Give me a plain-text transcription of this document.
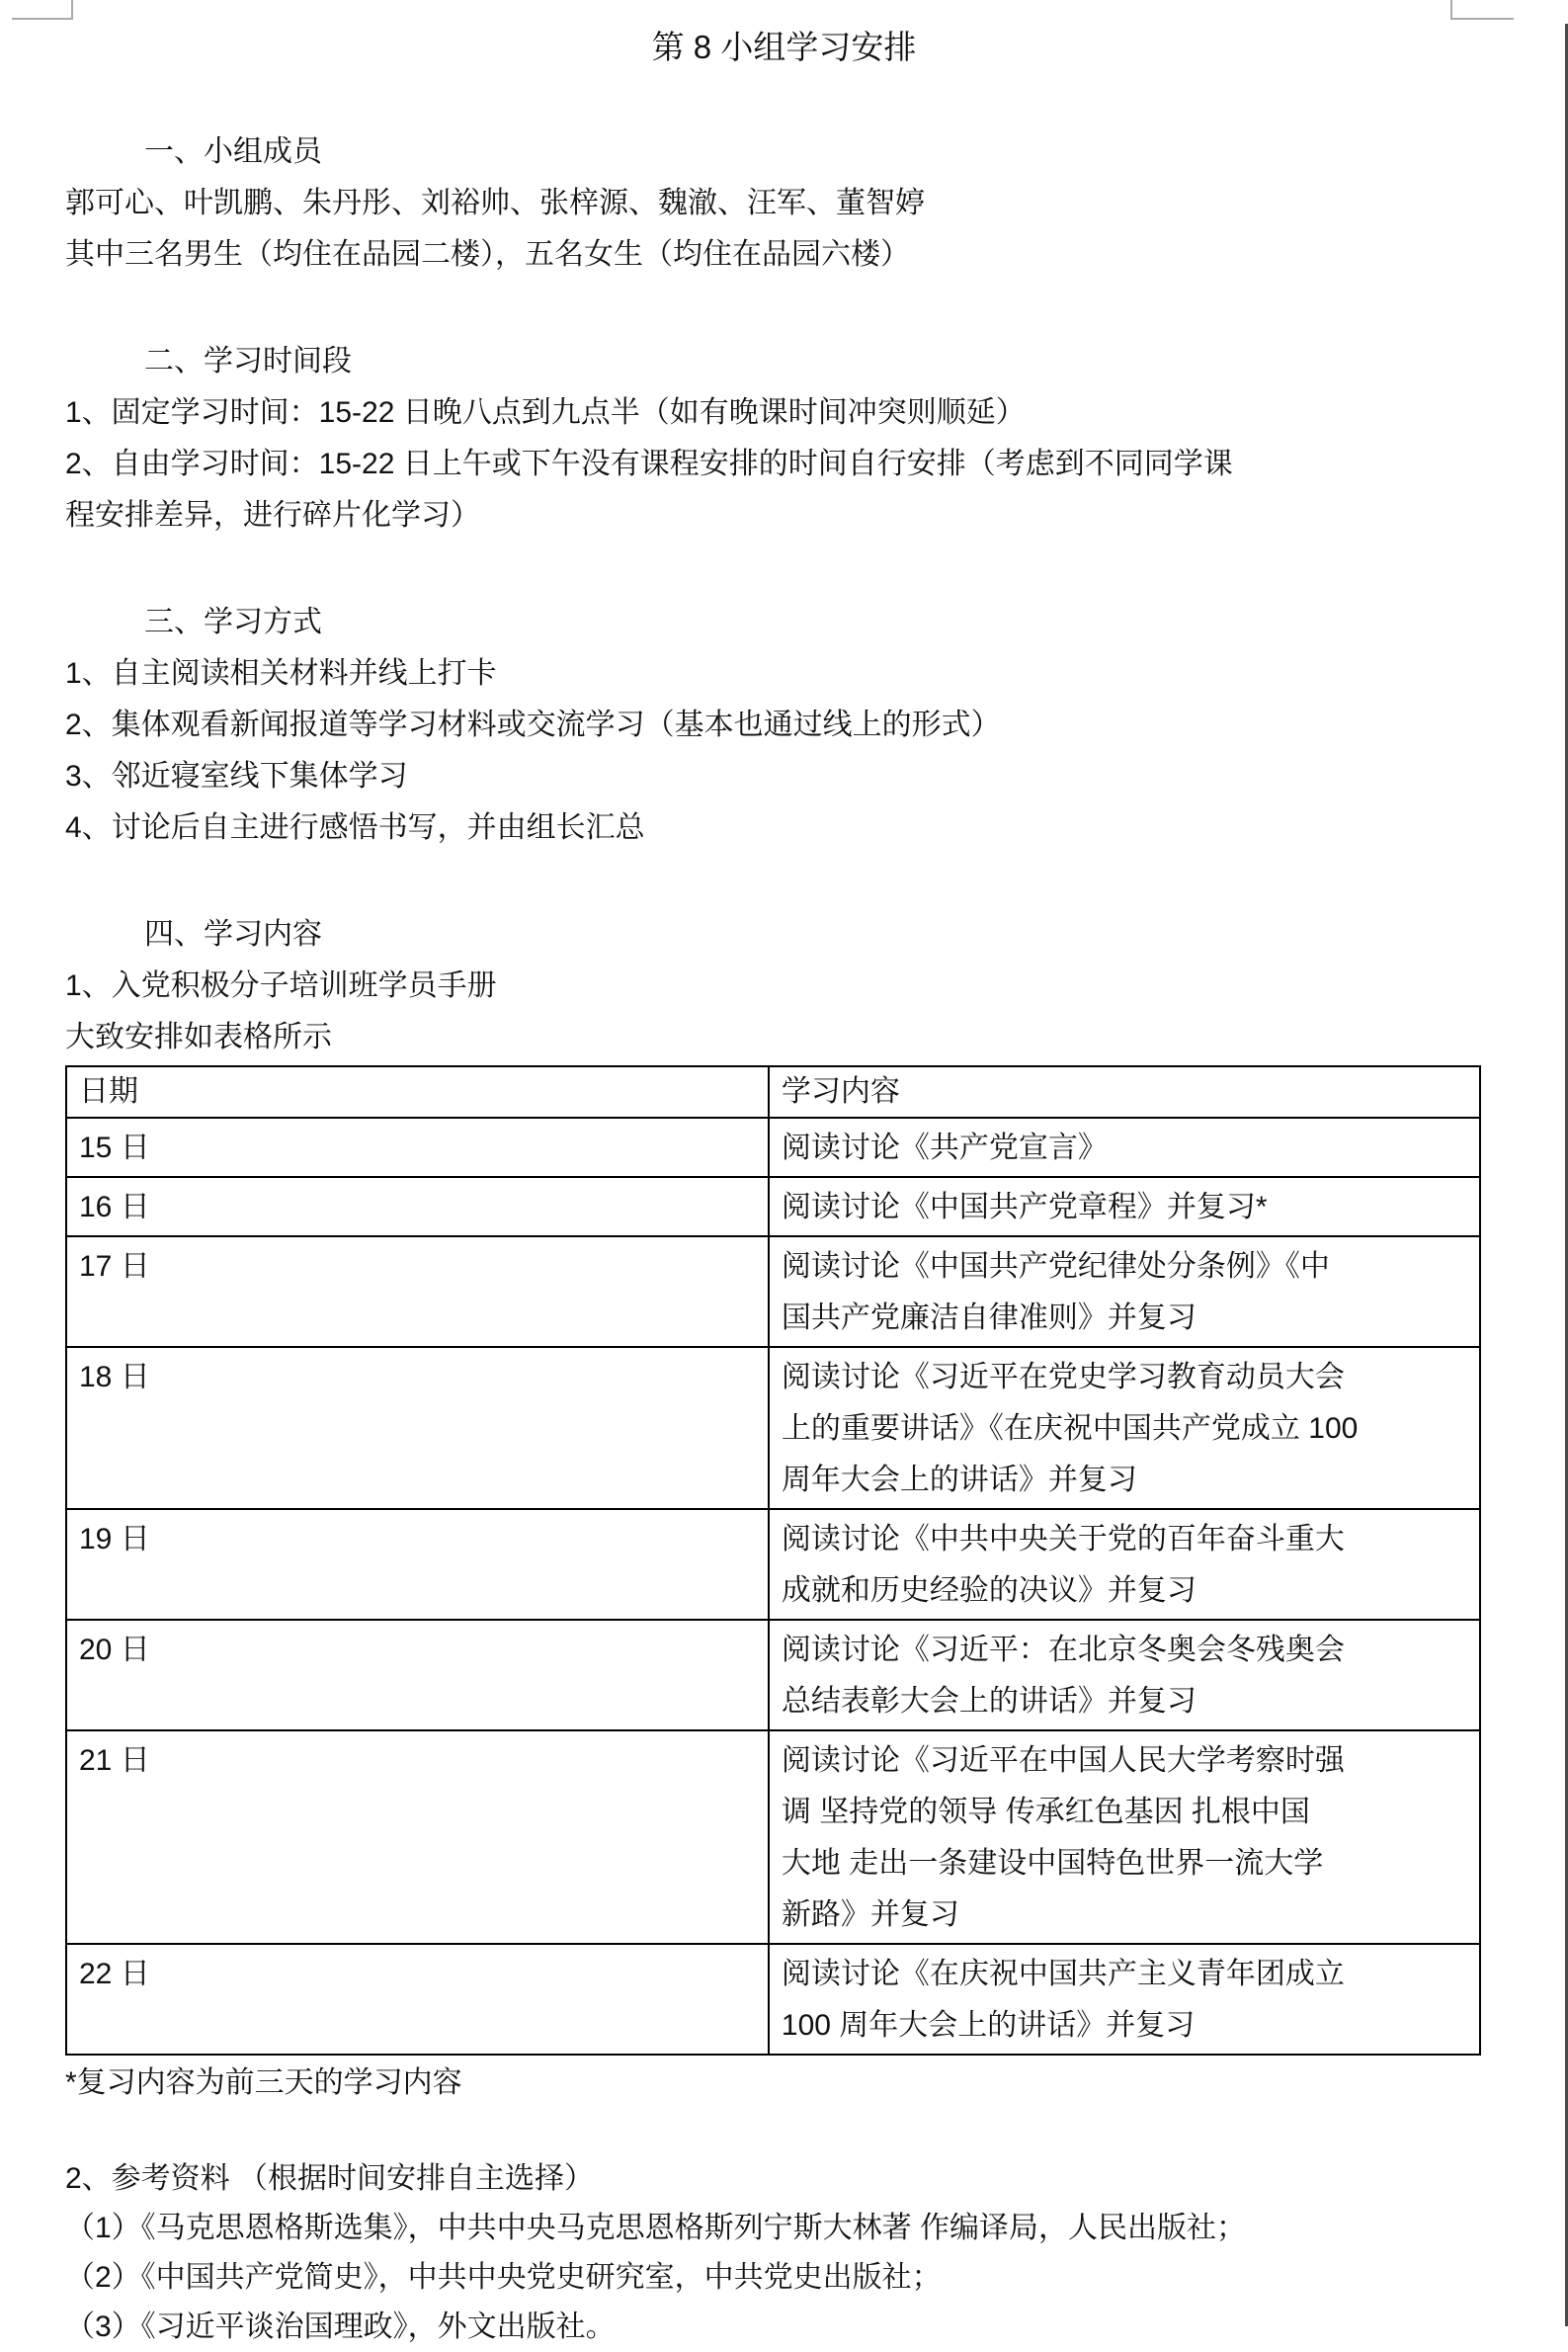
第 8 小组学习安排
一、小组成员
郭可心、叶凯鹏、朱丹彤、刘裕帅、张梓源、魏澈、汪军、董智婷
其中三名男生（均住在品园二楼），五名女生（均住在品园六楼）
二、学习时间段
1、固定学习时间：15-22 日晚八点到九点半（如有晚课时间冲突则顺延）
2、自由学习时间：15-22 日上午或下午没有课程安排的时间自行安排（考虑到不同同学课
程安排差异，进行碎片化学习）
三、学习方式
1、自主阅读相关材料并线上打卡
2、集体观看新闻报道等学习材料或交流学习（基本也通过线上的形式）
3、邻近寝室线下集体学习
4、讨论后自主进行感悟书写，并由组长汇总
四、学习内容
1、入党积极分子培训班学员手册
大致安排如表格所示
日期	学习内容
15 日	阅读讨论《共产党宣言》

16 日	阅读讨论《中国共产党章程》并复习*

17 日	阅读讨论《中国共产党纪律处分条例》《中
国共产党廉洁自律准则》并复习

18 日	阅读讨论《习近平在党史学习教育动员大会
上的重要讲话》《在庆祝中国共产党成立 100
周年大会上的讲话》并复习

19 日	阅读讨论《中共中央关于党的百年奋斗重大
成就和历史经验的决议》并复习

20 日	阅读讨论《习近平：在北京冬奥会冬残奥会
总结表彰大会上的讲话》并复习

21 日	阅读讨论《习近平在中国人民大学考察时强
调 坚持党的领导 传承红色基因 扎根中国
大地 走出一条建设中国特色世界一流大学
新路》并复习

22 日	阅读讨论《在庆祝中国共产主义青年团成立
100 周年大会上的讲话》并复习
*复习内容为前三天的学习内容
2、参考资料 （根据时间安排自主选择）
（1）《马克思恩格斯选集》，中共中央马克思恩格斯列宁斯大林著 作编译局，人民出版社；
（2）《中国共产党简史》，中共中央党史研究室，中共党史出版社；
（3）《习近平谈治国理政》，外文出版社。
